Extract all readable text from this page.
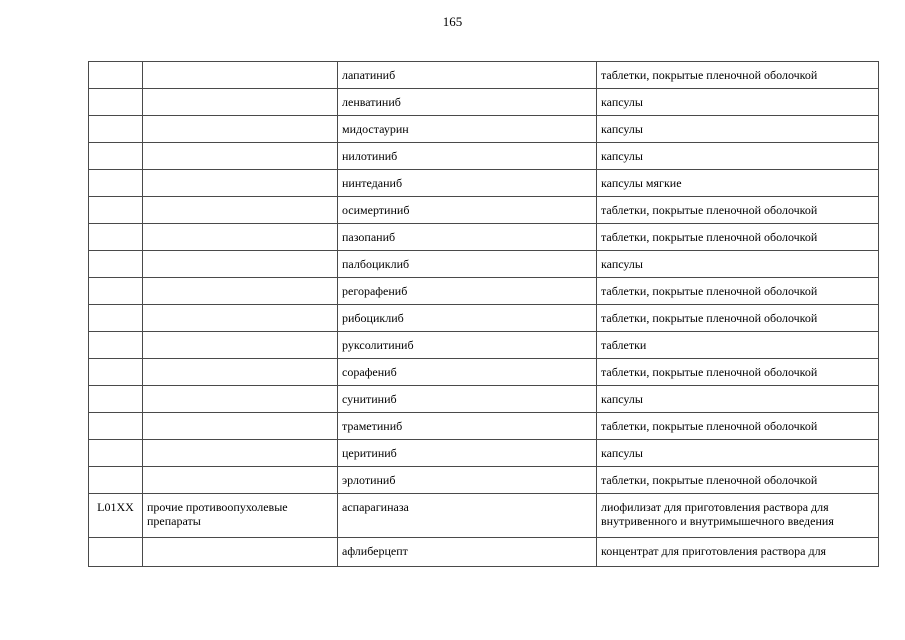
165
		лапатиниб	таблетки, покрытые пленочной оболочкой
		ленватиниб	капсулы
		мидостаурин	капсулы
		нилотиниб	капсулы
		нинтеданиб	капсулы мягкие
		осимертиниб	таблетки, покрытые пленочной оболочкой
		пазопаниб	таблетки, покрытые пленочной оболочкой
		палбоциклиб	капсулы
		регорафениб	таблетки, покрытые пленочной оболочкой
		рибоциклиб	таблетки, покрытые пленочной оболочкой
		руксолитиниб	таблетки
		сорафениб	таблетки, покрытые пленочной оболочкой
		сунитиниб	капсулы
		траметиниб	таблетки, покрытые пленочной оболочкой
		церитиниб	капсулы
		эрлотиниб	таблетки, покрытые пленочной оболочкой
L01XX	прочие противоопухолевые препараты	аспарагиназа	лиофилизат для приготовления раствора для внутривенного и внутримышечного введения
		афлиберцепт	концентрат для приготовления раствора для
